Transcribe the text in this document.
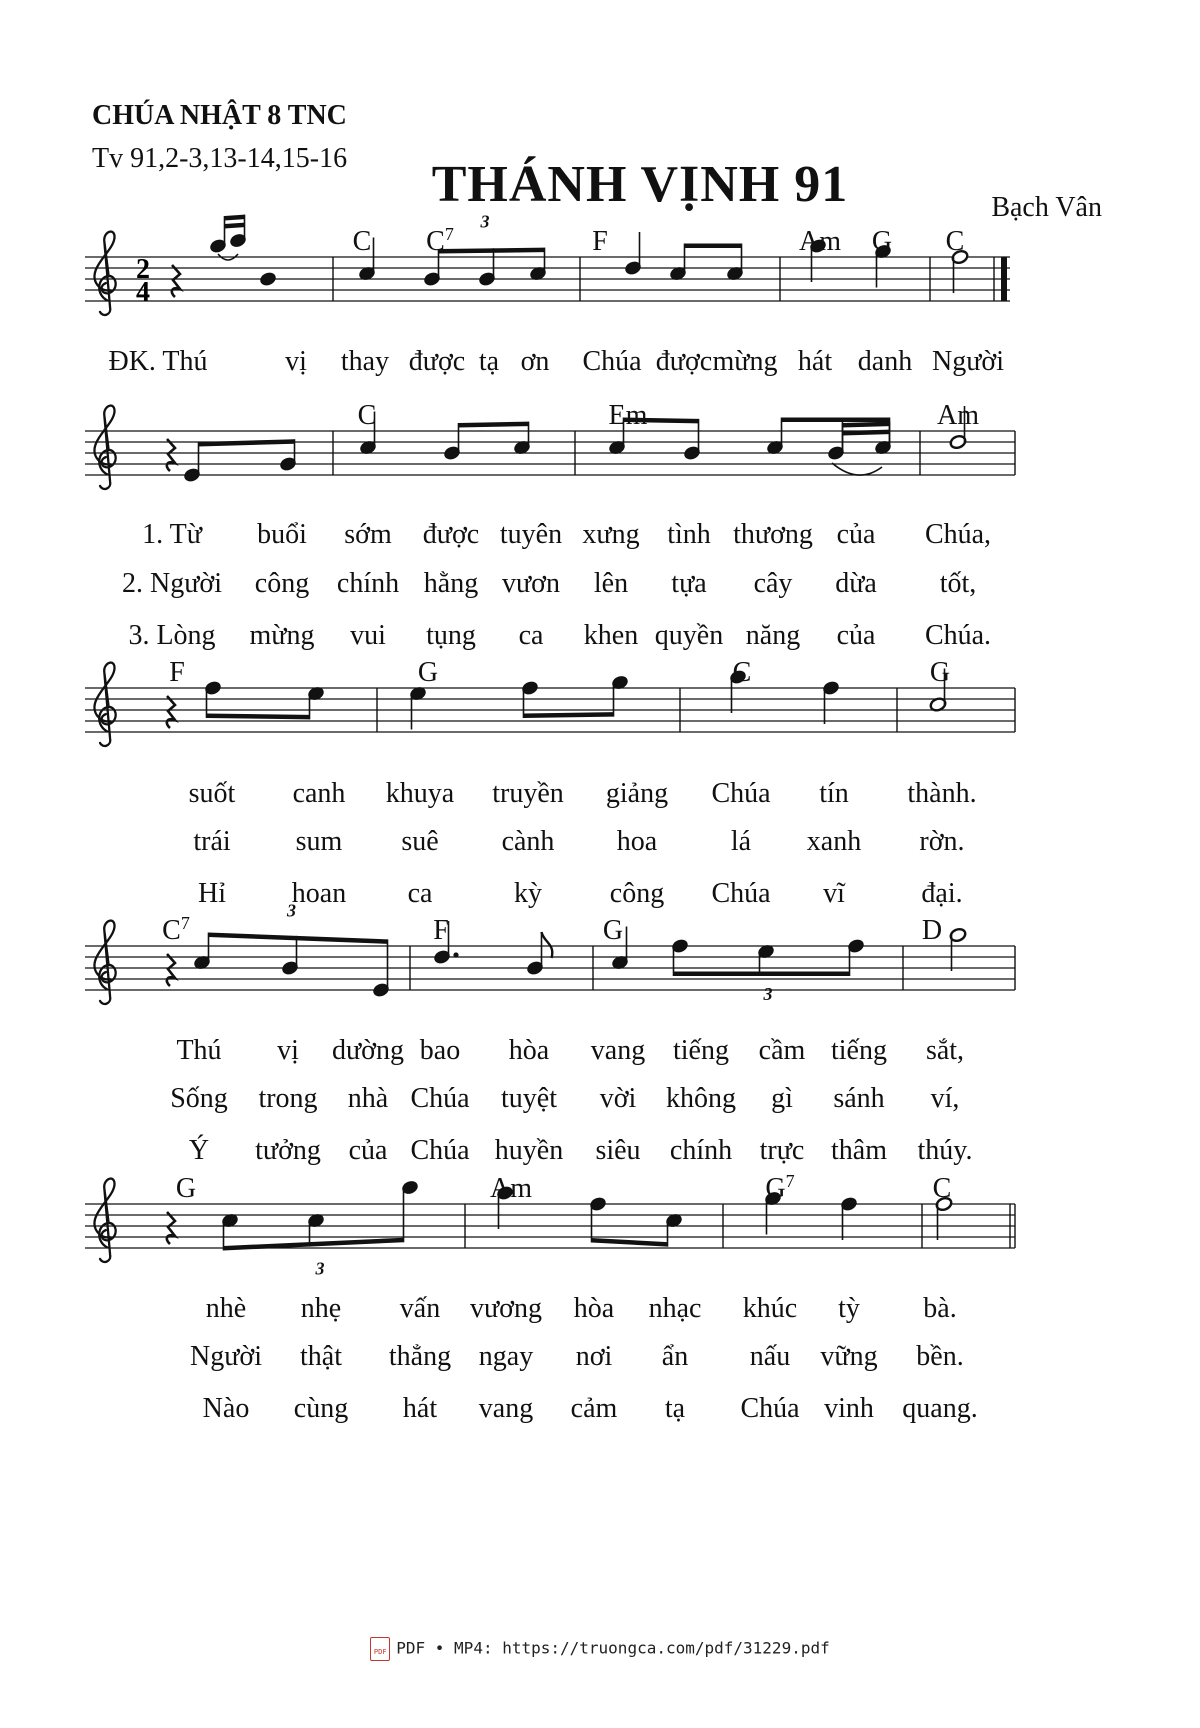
CHÚA NHẬT 8 TNC
Tv 91,2-3,13-14,15-16	THÁNH VỊNH 91	Bạch Vân
2
4
3
C $C^7$	F	Am G C
ĐK. Thú	vị thay được tạ ơn Chúa được mừng hát danh Người
C	Em	Am
1. Từ buổi sớm được tuyên xưng tình thương của Chúa,
2. Người công chính hằng vươn lên tựa cây dừa tốt,
3. Lòng mừng vui tụng ca khen quyền năng của Chúa.
F	G	C	G
suốt canh khuya truyền giảng Chúa tín thành.
trái sum suê cành hoa	lá xanh rờn.
Hỉ hoan ca	kỳ công Chúa vĩ	đại.
3
3
$C^7$	F	G	D
Thú vị dường bao hòa vang tiếng cầm tiếng sắt,
Sống trong nhà Chúa tuyệt vời không gì sánh ví,
Ý tưởng của Chúa huyền siêu chính trực thâm thúy.
3
G	Am	$G^7$	C
nhè nhẹ vấn vương hòa nhạc khúc tỳ bà.
Người thật thẳng ngay nơi ẩn nấu vững bền.
Nào cùng hát vang cảm tạ Chúa vinh quang.
PDF PDF • MP4: https://truongca.com/pdf/31229.pdf
